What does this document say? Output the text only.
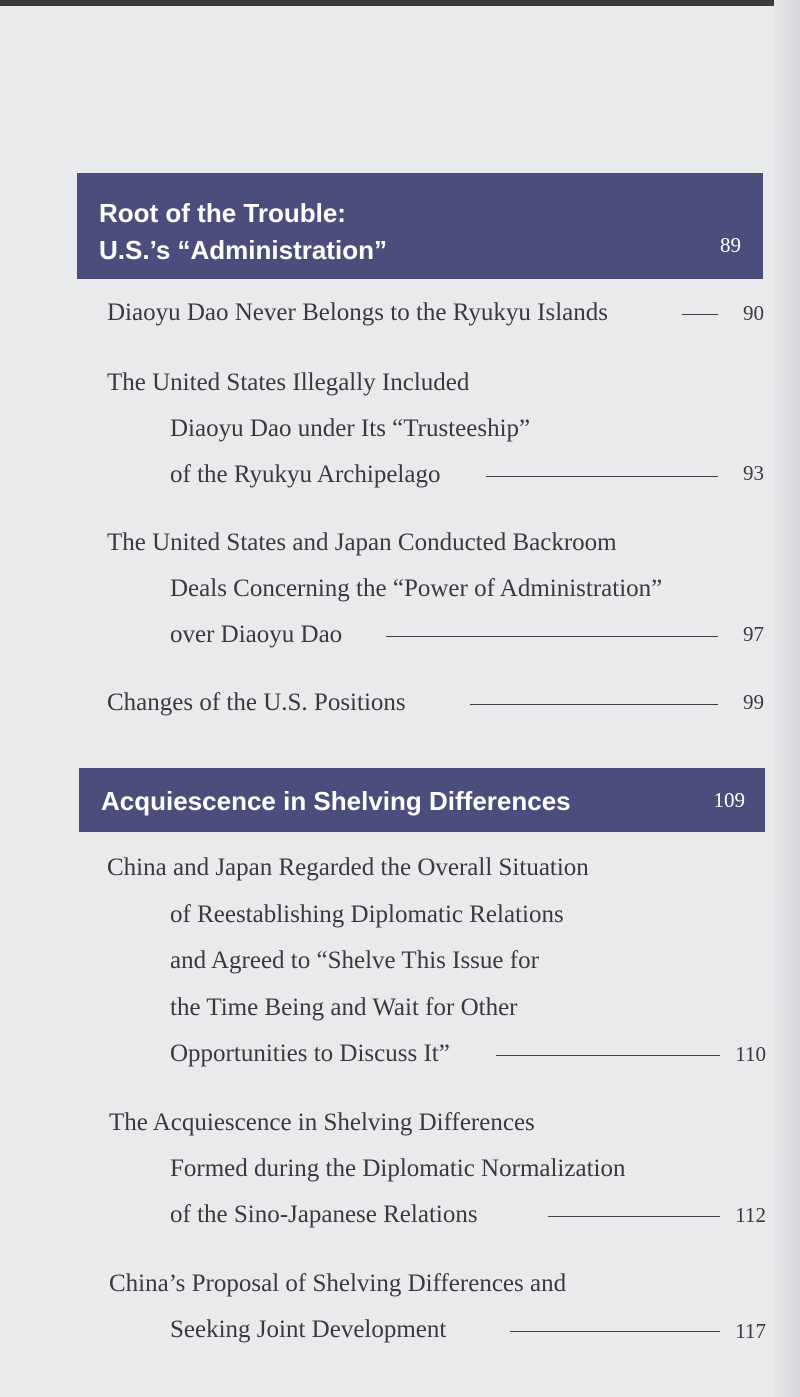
Root of the Trouble:
U.S.’s “Administration”	89
Diaoyu Dao Never Belongs to the Ryukyu Islands	90
The United States Illegally Included
Diaoyu Dao under Its “Trusteeship”
of the Ryukyu Archipelago	93
The United States and Japan Conducted Backroom
Deals Concerning the “Power of Administration”
over Diaoyu Dao	97
Changes of the U.S. Positions	99
Acquiescence in Shelving Differences	109
China and Japan Regarded the Overall Situation
of Reestablishing Diplomatic Relations
and Agreed to “Shelve This Issue for
the Time Being and Wait for Other
Opportunities to Discuss It”	110
The Acquiescence in Shelving Differences
Formed during the Diplomatic Normalization
of the Sino-Japanese Relations	112
China’s Proposal of Shelving Differences and
Seeking Joint Development	117
